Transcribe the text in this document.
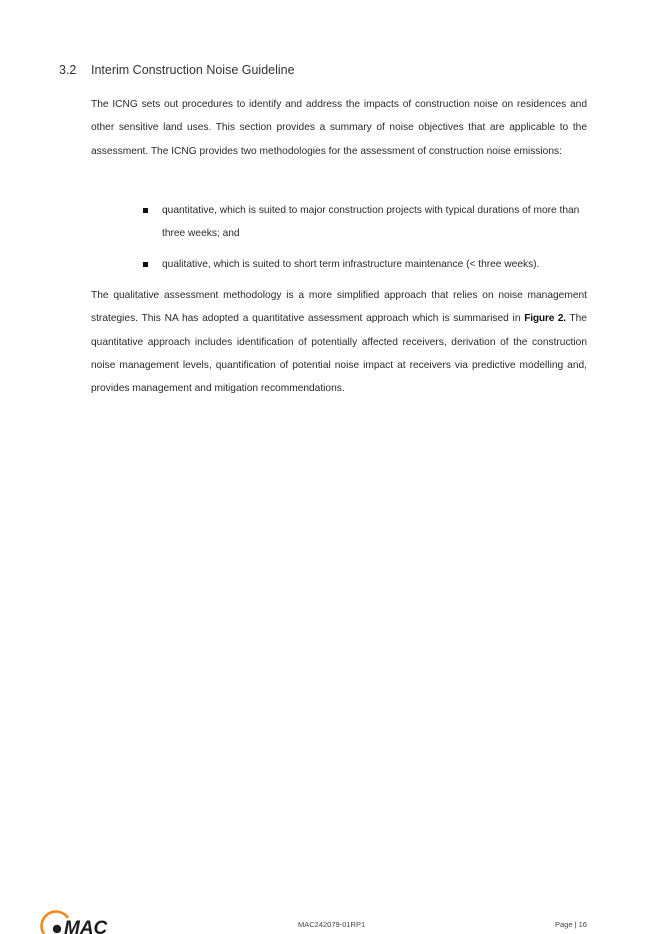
3.2 Interim Construction Noise Guideline

The ICNG sets out procedures to identify and address the impacts of construction noise on residences and other sensitive land uses. This section provides a summary of noise objectives that are applicable to the assessment. The ICNG provides two methodologies for the assessment of construction noise emissions:

quantitative, which is suited to major construction projects with typical durations of more than three weeks; and
qualitative, which is suited to short term infrastructure maintenance (< three weeks).

The qualitative assessment methodology is a more simplified approach that relies on noise management strategies. This NA has adopted a quantitative assessment approach which is summarised in Figure 2. The quantitative approach includes identification of potentially affected receivers, derivation of the construction noise management levels, quantification of potential noise impact at receivers via predictive modelling and, provides management and mitigation recommendations.

MAC	MAC242079-01RP1	Page | 16
